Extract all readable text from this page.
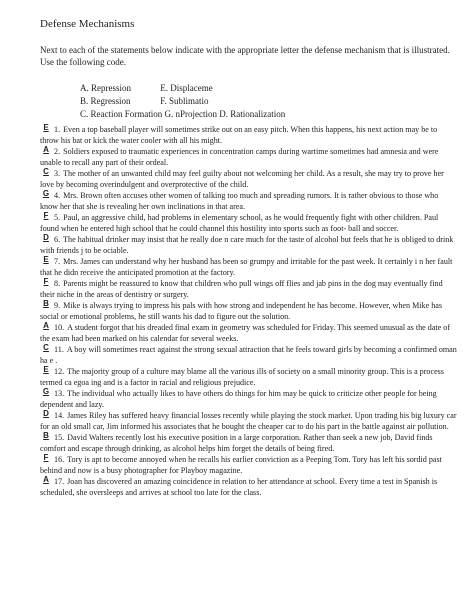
Defense Mechanisms
Next to each of the statements below indicate with the appropriate letter the defense mechanism that is illustrated. Use the following code.
A. Repression	E. Displaceme
B. Regression	F. Sublimatio
C. Reaction Formation G. nProjection D. Rationalization

E 1. Even a top baseball player will sometimes strike out on an easy pitch. When this happens, his next action may be to throw his bat or kick the water cooler with all his might.

A 2. Soldiers exposed to traumatic experiences in concentration camps during wartime sometimes had amnesia and were unable to recall any part of their ordeal.

C 3. The mother of an unwanted child may feel guilty about not welcoming her child. As a result, she may try to prove her love by becoming overindulgent and overprotective of the child.

G 4. Mrs. Brown often accuses other women of talking too much and spreading rumors. It is rather obvious to those who know her that she is revealing her own inclinations in that area.

F 5. Paul, an aggressive child, had problems in elementary school, as he would frequently fight with other children. Paul found when he entered high school that he could channel this hostility into sports such as foot- ball and soccer.

D 6. The habitual drinker may insist that he really doe n care much for the taste of alcohol but feels that he is obliged to drink with friends j to be ociable.

E 7. Mrs. James can understand why her husband has been so grumpy and irritable for the past week. It certainly i n her fault that he didn receive the anticipated promotion at the factory.

F 8. Parents might be reassured to know that children who pull wings off flies and jab pins in the dog may eventually find their niche in the areas of dentistry or surgery.

B 9. Mike is always trying to impress his pals with how strong and independent he has become. However, when Mike has social or emotional problems, he still wants his dad to figure out the solution.

A 10. A student forgot that his dreaded final exam in geometry was scheduled for Friday. This seemed unusual as the date of the exam had been marked on his calendar for several weeks.

C 11. A boy will sometimes react against the strong sexual attraction that he feels toward girls by becoming a confirmed oman ha e .

E 12. The majority group of a culture may blame all the various ills of society on a small minority group. This is a process termed ca egoa ing and is a factor in racial and religious prejudice.

G 13. The individual who actually likes to have others do things for him may be quick to criticize other people for being dependent and lazy.

D 14. James Riley has suffered heavy financial losses recently while playing the stock market. Upon trading his big luxury car for an old small car, Jim informed his associates that he bought the cheaper car to do his part in the battle against air pollution.

B 15. David Walters recently lost his executive position in a large corporation. Rather than seek a new job, David finds comfort and escape through drinking, as alcohol helps him forget the details of being fired.

F 16. Tory is apt to become annoyed when he recalls his earlier conviction as a Peeping Tom. Tory has left his sordid past behind and now is a busy photographer for Playboy magazine.

A 17. Joan has discovered an amazing coincidence in relation to her attendance at school. Every time a test in Spanish is scheduled, she oversleeps and arrives at school too late for the class.
